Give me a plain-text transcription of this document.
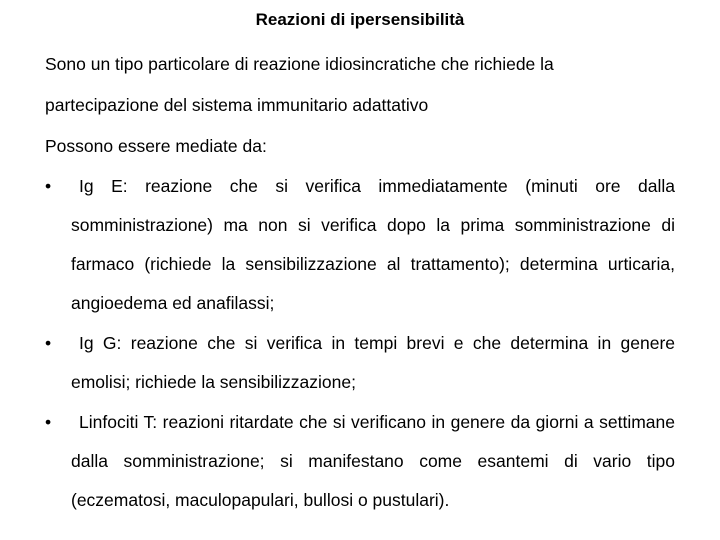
Reazioni di ipersensibilità

Sono un tipo particolare di reazione idiosincratiche che richiede la

partecipazione del sistema immunitario adattativo

Possono essere mediate da:

•	Ig E: reazione che si verifica immediatamente (minuti ore dalla somministrazione) ma non si verifica dopo la prima somministrazione di farmaco (richiede la sensibilizzazione al trattamento); determina urticaria, angioedema ed anafilassi;
•	Ig G: reazione che si verifica in tempi brevi e che determina in genere emolisi; richiede la sensibilizzazione;
•	Linfociti T: reazioni ritardate che si verificano in genere da giorni a settimane dalla somministrazione; si manifestano come esantemi di vario tipo (eczematosi, maculopapulari, bullosi o pustulari).
